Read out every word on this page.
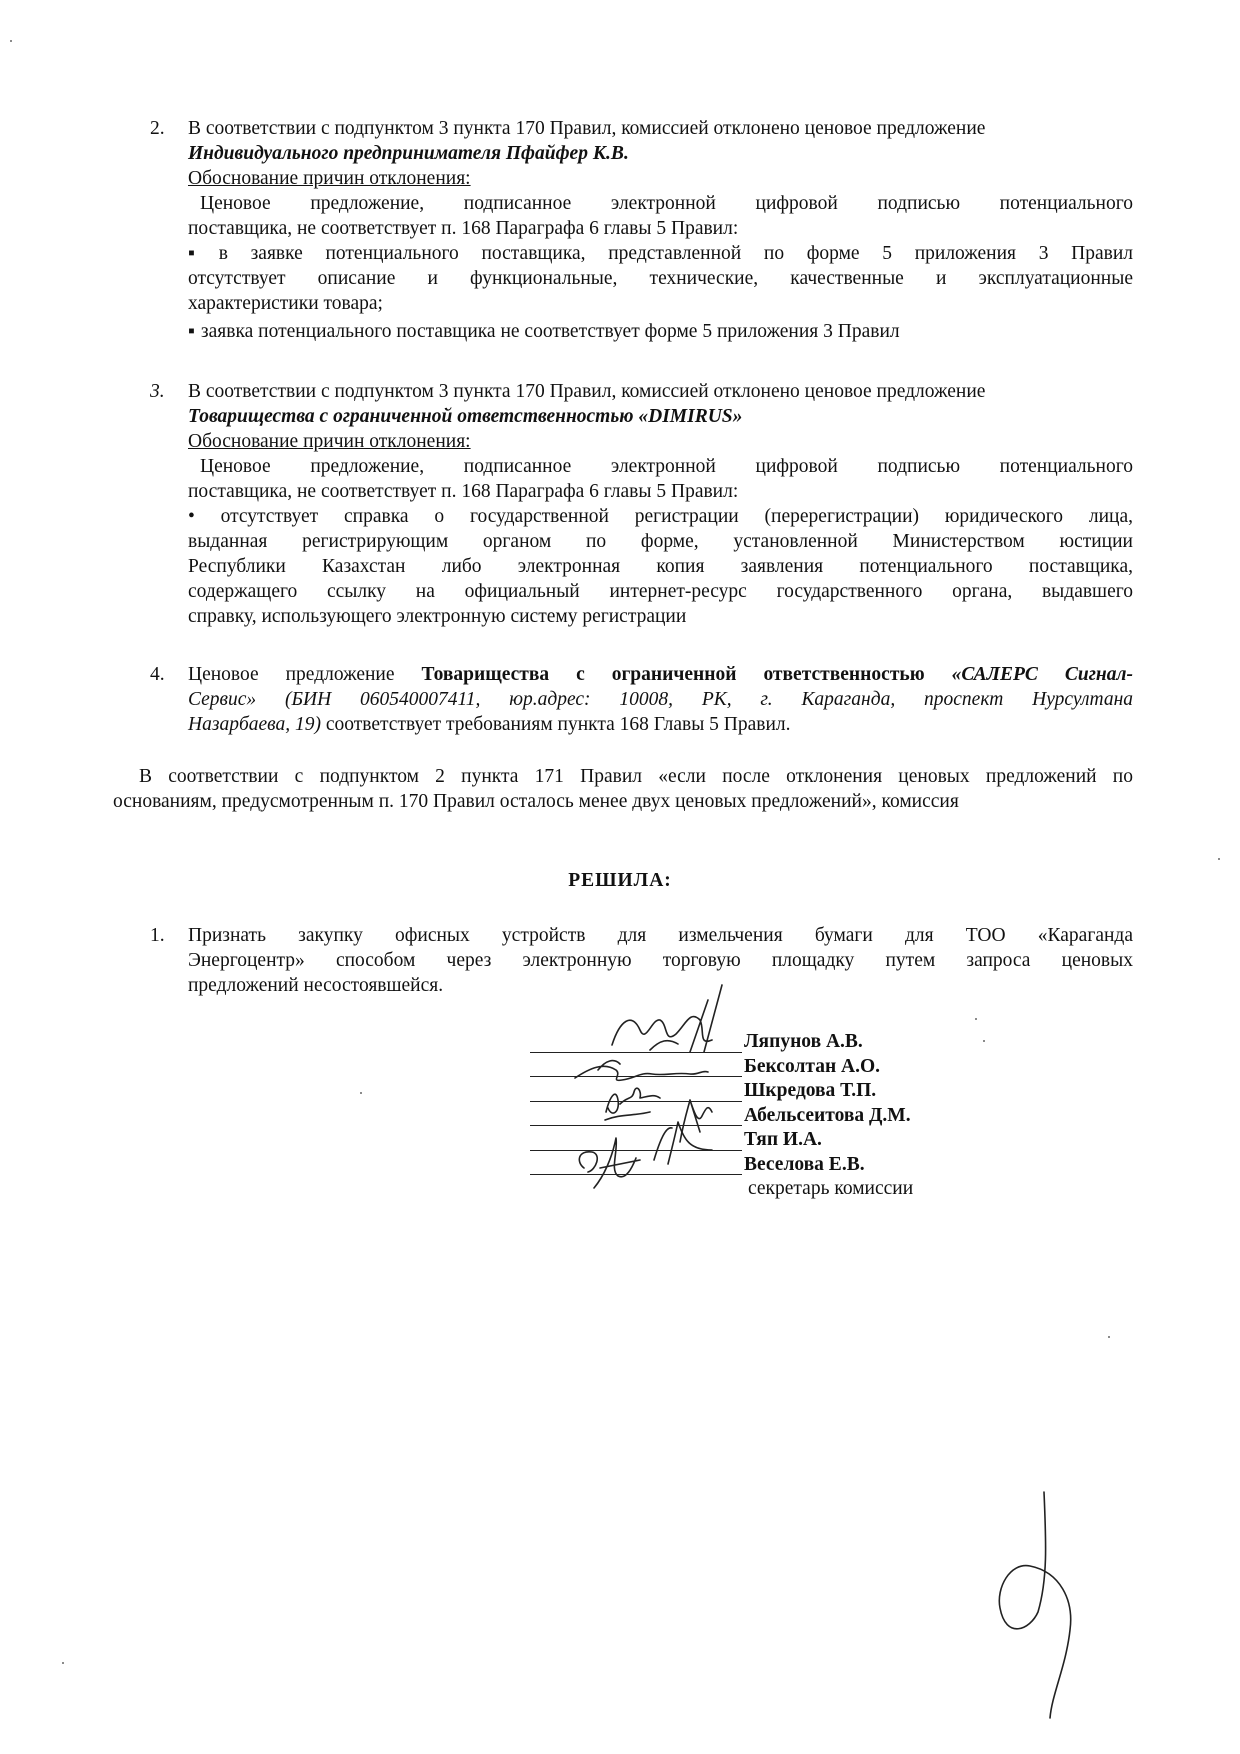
2.	В соответствии с подпунктом 3 пункта 170 Правил, комиссией отклонено ценовое предложение
Индивидуального предпринимателя Пфайфер К.В.
Обоснование причин отклонения:
Ценовое предложение, подписанное электронной цифровой подписью потенциального
поставщика, не соответствует п. 168 Параграфа 6 главы 5 Правил:
▪ в заявке потенциального поставщика, представленной по форме 5 приложения 3 Правил
отсутствует описание и функциональные, технические, качественные и эксплуатационные
характеристики товара;
▪ заявка потенциального поставщика не соответствует форме 5 приложения 3 Правил
3.	В соответствии с подпунктом 3 пункта 170 Правил, комиссией отклонено ценовое предложение
Товарищества с ограниченной ответственностью «DIMIRUS»
Обоснование причин отклонения:
Ценовое предложение, подписанное электронной цифровой подписью потенциального
поставщика, не соответствует п. 168 Параграфа 6 главы 5 Правил:
• отсутствует справка о государственной регистрации (перерегистрации) юридического лица,
выданная регистрирующим органом по форме, установленной Министерством юстиции
Республики Казахстан либо электронная копия заявления потенциального поставщика,
содержащего ссылку на официальный интернет-ресурс государственного органа, выдавшего
справку, использующего электронную систему регистрации
4.	Ценовое предложение Товарищества с ограниченной ответственностью «САЛЕРС Сигнал-
Сервис» (БИН 060540007411, юр.адрес: 10008, РК, г. Караганда, проспект Нурсултана
Назарбаева, 19) соответствует требованиям пункта 168 Главы 5 Правил.
В соответствии с подпунктом 2 пункта 171 Правил «если после отклонения ценовых предложений по
основаниям, предусмотренным п. 170 Правил осталось менее двух ценовых предложений», комиссия
РЕШИЛА:
1.	Признать закупку офисных устройств для измельчения бумаги для ТОО «Караганда
Энергоцентр» способом через электронную торговую площадку путем запроса ценовых
предложений несостоявшейся.
Ляпунов А.В.
Бексолтан А.О.
Шкредова Т.П.
Абельсеитова Д.М.
Тяп И.А.
Веселова Е.В.
секретарь комиссии
